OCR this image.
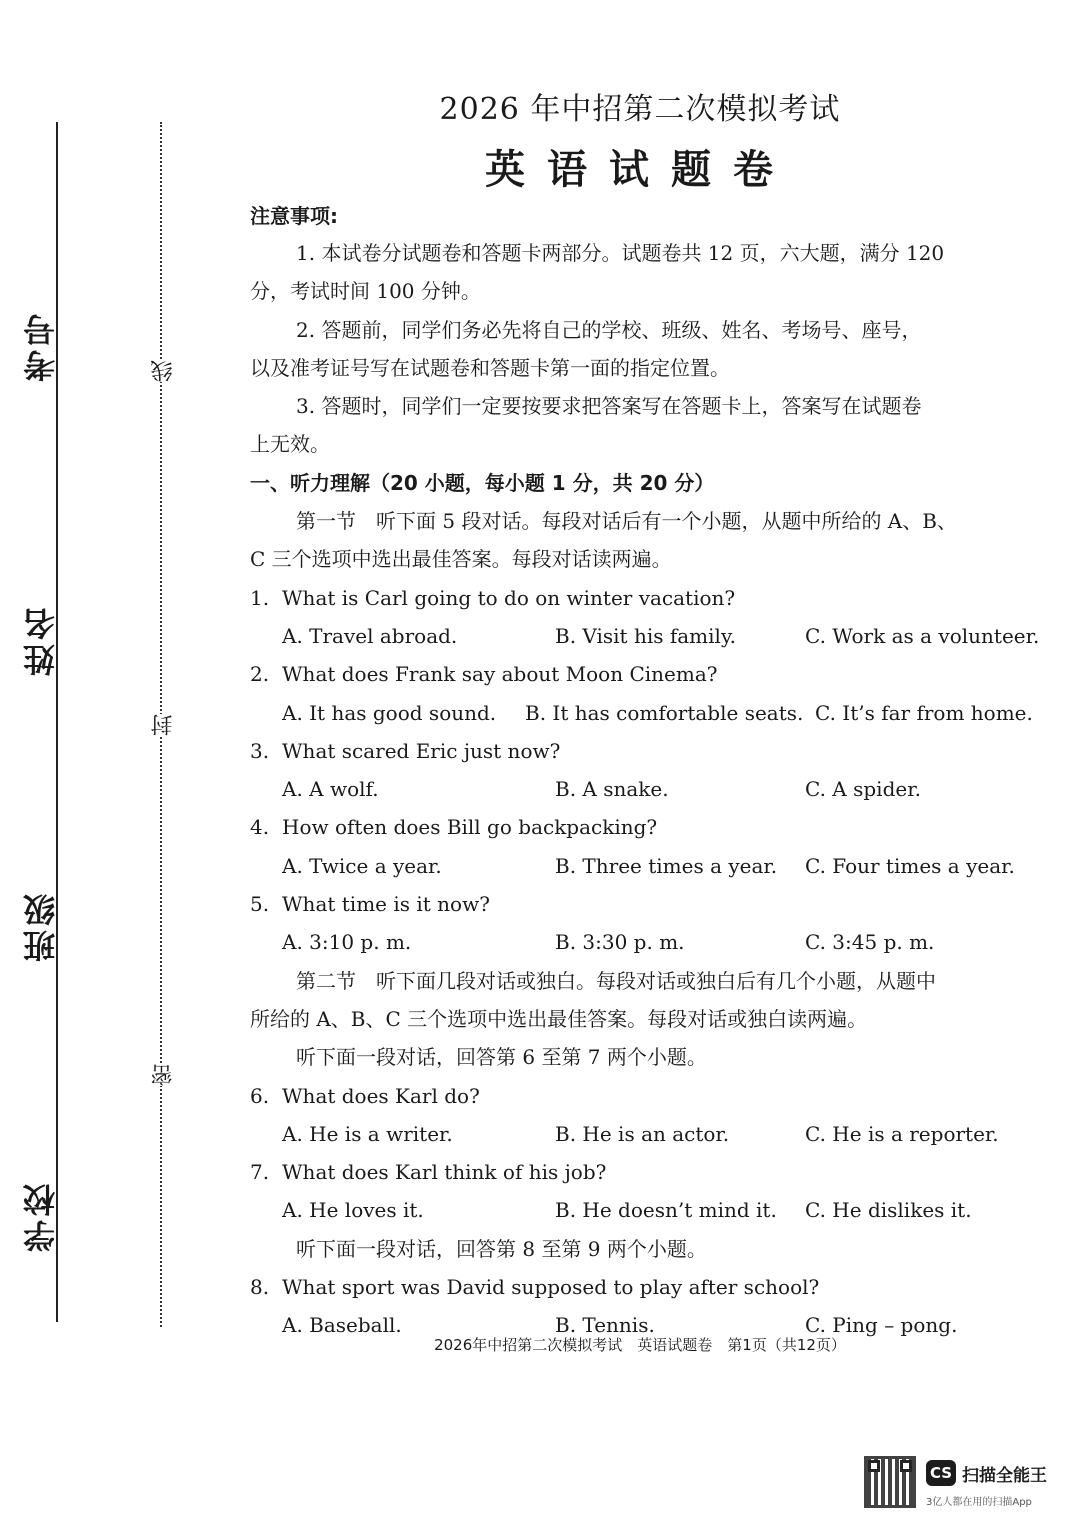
考号
姓名
班级
学校
线
封
密
2026 年中招第二次模拟考试
英语试题卷
注意事项:
1. 本试卷分试题卷和答题卡两部分。试题卷共 12 页，六大题，满分 120
分，考试时间 100 分钟。
2. 答题前，同学们务必先将自己的学校、班级、姓名、考场号、座号，
以及准考证号写在试题卷和答题卡第一面的指定位置。
3. 答题时，同学们一定要按要求把答案写在答题卡上，答案写在试题卷
上无效。
一、听力理解（20 小题，每小题 1 分，共 20 分）
第一节　听下面 5 段对话。每段对话后有一个小题，从题中所给的 A、B、
C 三个选项中选出最佳答案。每段对话读两遍。
1. What is Carl going to do on winter vacation?
A. Travel abroad.	B. Visit his family.	C. Work as a volunteer.
2. What does Frank say about Moon Cinema?
A. It has good sound. B. It has comfortable seats. C. It’s far from home.
3. What scared Eric just now?
A. A wolf.	B. A snake.	C. A spider.
4. How often does Bill go backpacking?
A. Twice a year.	B. Three times a year. C. Four times a year.
5. What time is it now?
A. 3:10 p. m.	B. 3:30 p. m.	C. 3:45 p. m.
第二节　听下面几段对话或独白。每段对话或独白后有几个小题，从题中
所给的 A、B、C 三个选项中选出最佳答案。每段对话或独白读两遍。
听下面一段对话，回答第 6 至第 7 两个小题。
6. What does Karl do?
A. He is a writer.	B. He is an actor.	C. He is a reporter.
7. What does Karl think of his job?
A. He loves it.	B. He doesn’t mind it. C. He dislikes it.
听下面一段对话，回答第 8 至第 9 两个小题。
8. What sport was David supposed to play after school?
A. Baseball.	B. Tennis.	C. Ping – pong.
2026年中招第二次模拟考试　英语试题卷　第1页（共12页）
CS 扫描全能王
3亿人都在用的扫描App
